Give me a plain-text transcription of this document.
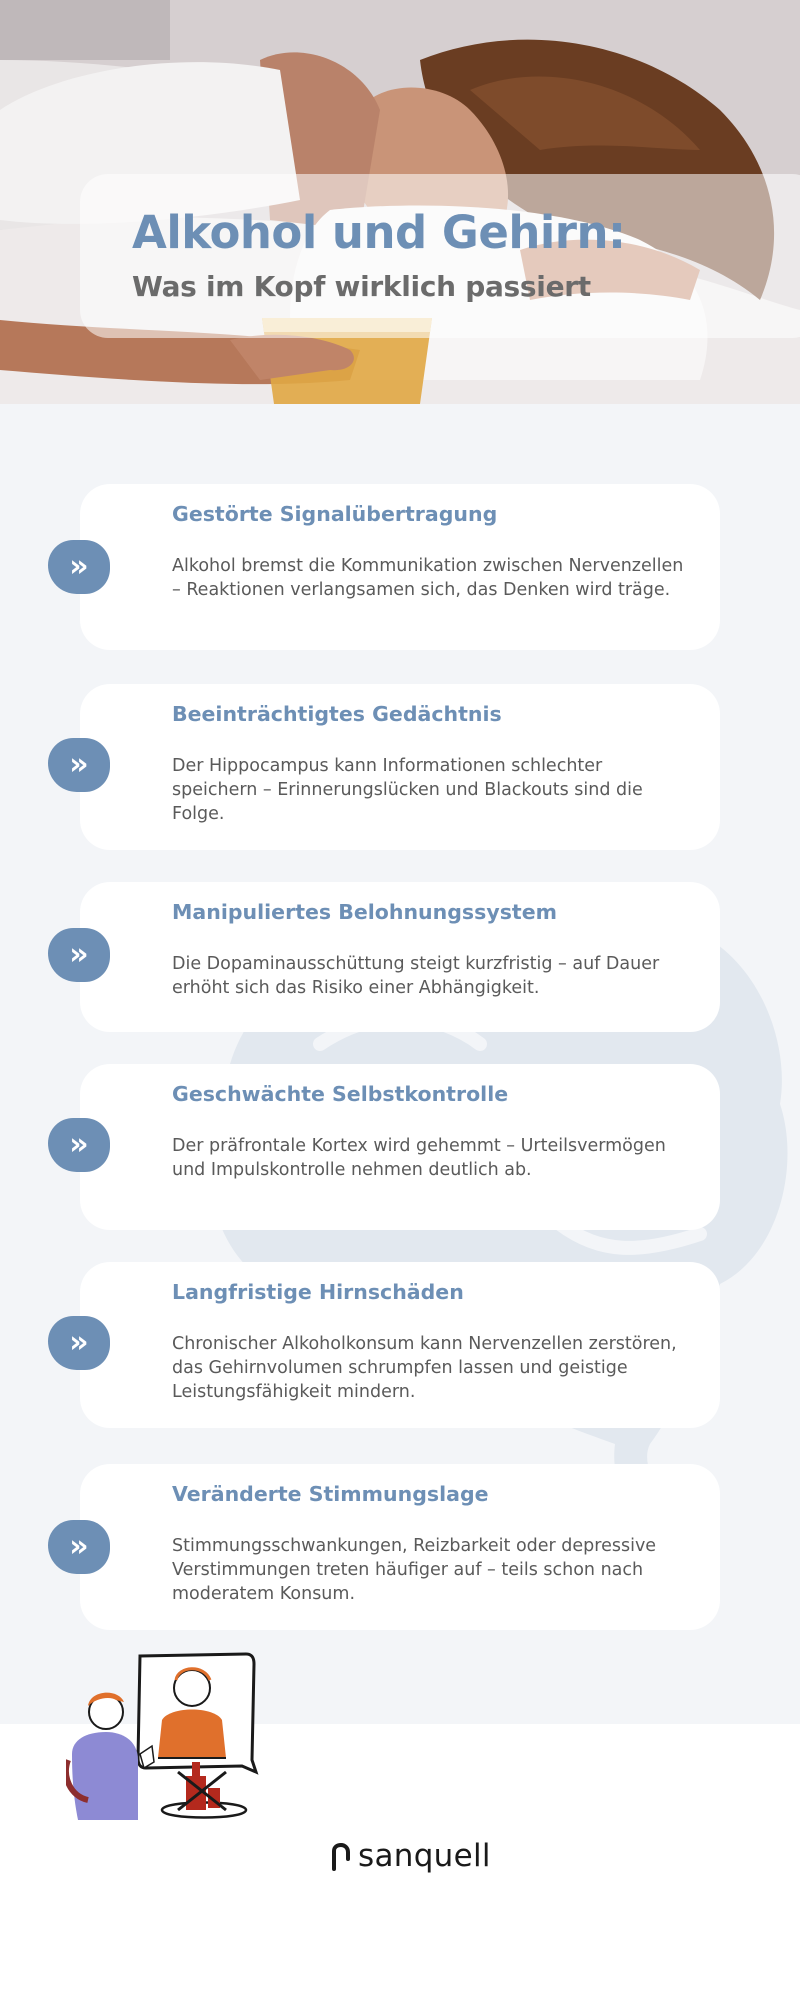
Alkohol und Gehirn:
Was im Kopf wirklich passiert
Gestörte Signalübertragung

Alkohol bremst die Kommunikation zwischen Nervenzellen – Reaktionen verlangsamen sich, das Denken wird träge.

»
Beeinträchtigtes Gedächtnis

Der Hippocampus kann Informationen schlechter speichern – Erinnerungslücken und Blackouts sind die Folge.

»
Manipuliertes Belohnungssystem

Die Dopaminausschüttung steigt kurzfristig – auf Dauer erhöht sich das Risiko einer Abhängigkeit.

»
Geschwächte Selbstkontrolle

Der präfrontale Kortex wird gehemmt – Urteilsvermögen und Impulskontrolle nehmen deutlich ab.

»
Langfristige Hirnschäden

Chronischer Alkoholkonsum kann Nervenzellen zerstören, das Gehirnvolumen schrumpfen lassen und geistige Leistungsfähigkeit mindern.

»
Veränderte Stimmungslage

Stimmungsschwankungen, Reizbarkeit oder depressive Verstimmungen treten häufiger auf – teils schon nach moderatem Konsum.

»
sanquell
